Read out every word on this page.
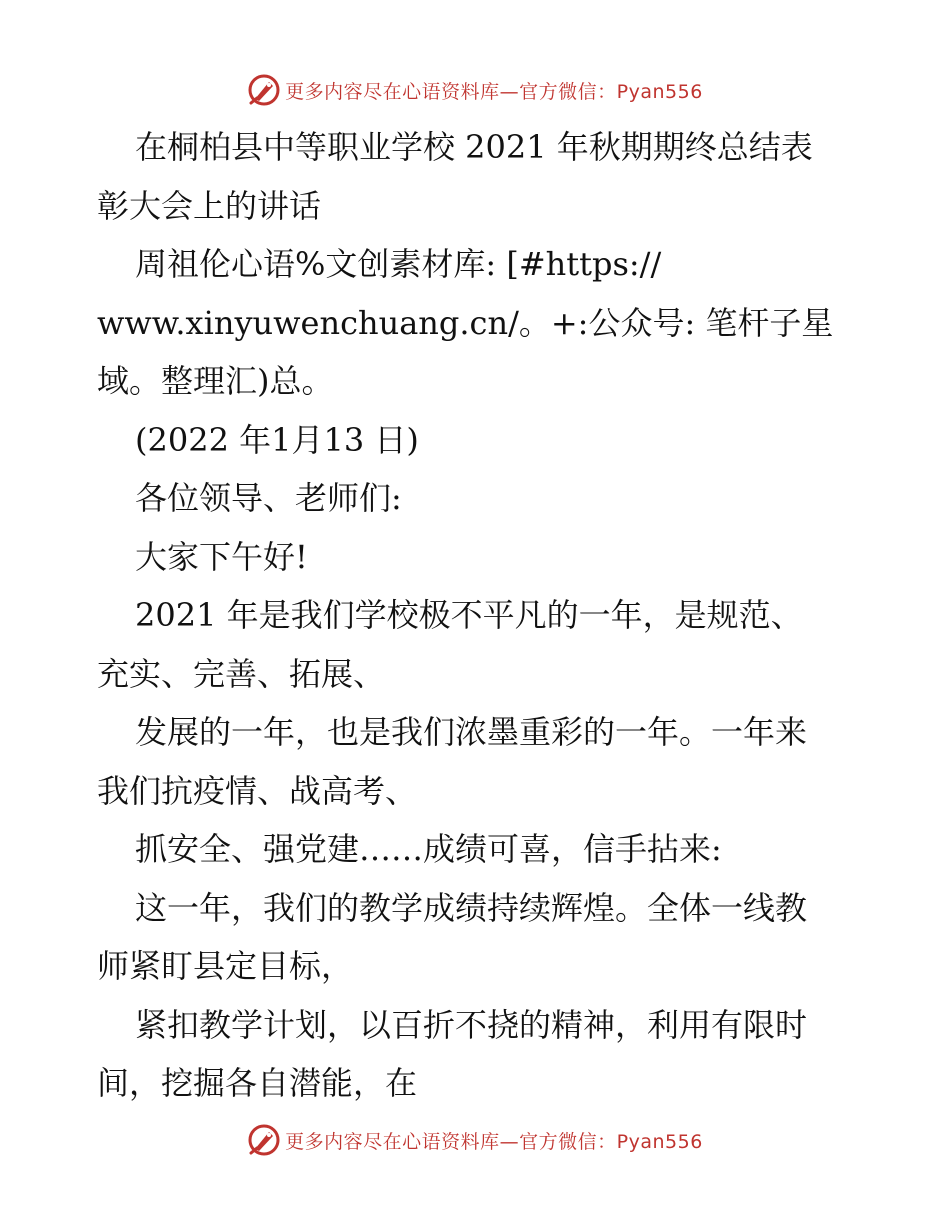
更多内容尽在心语资料库—官方微信：Pyan556
在桐柏县中等职业学校 2021 年秋期期终总结表
彰大会上的讲话
周祖伦心语%文创素材库: [#https://
www.xinyuwenchuang.cn/。+:公众号: 笔杆子星
域。整理汇)总。
(2022 年1月13 日)
各位领导、老师们:
大家下午好!
2021 年是我们学校极不平凡的一年，是规范、
充实、完善、拓展、
发展的一年，也是我们浓墨重彩的一年。一年来
我们抗疫情、战高考、
抓安全、强党建……成绩可喜，信手拈来:
这一年，我们的教学成绩持续辉煌。全体一线教
师紧盯县定目标，
紧扣教学计划，以百折不挠的精神，利用有限时
间，挖掘各自潜能，在
更多内容尽在心语资料库—官方微信：Pyan556
